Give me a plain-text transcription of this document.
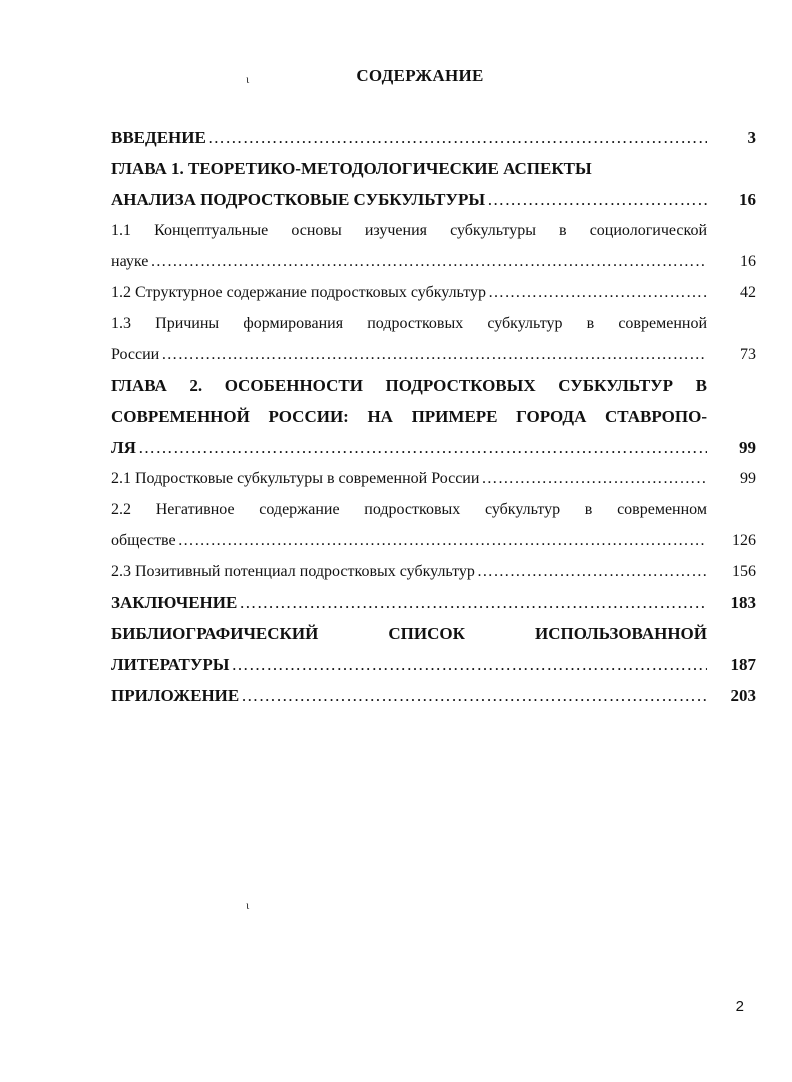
СОДЕРЖАНИЕ
ι
ι
ВВЕДЕНИЕ …………………………………………………………………………………………………………………………………………………………………………………………	3
ГЛАВА 1. ТЕОРЕТИКО-МЕТОДОЛОГИЧЕСКИЕ АСПЕКТЫ
АНАЛИЗА ПОДРОСТКОВЫЕ СУБКУЛЬТУРЫ …………………………………………………………………………………………………………………………………………………………………………………………	16
1.1 Концептуальные основы изучения субкультуры в социологической
науке …………………………………………………………………………………………………………………………………………………………………………………………	16
1.2 Структурное содержание подростковых субкультур …………………………………………………………………………………………………………………………………………………………………………………………	42
1.3 Причины формирования подростковых субкультур в современной
России …………………………………………………………………………………………………………………………………………………………………………………………	73
ГЛАВА 2. ОСОБЕННОСТИ ПОДРОСТКОВЫХ СУБКУЛЬТУР В
СОВРЕМЕННОЙ РОССИИ: НА ПРИМЕРЕ ГОРОДА СТАВРОПО-
ЛЯ …………………………………………………………………………………………………………………………………………………………………………………………	99
2.1 Подростковые субкультуры в современной России …………………………………………………………………………………………………………………………………………………………………………………………	99
2.2 Негативное содержание подростковых субкультур в современном
обществе …………………………………………………………………………………………………………………………………………………………………………………………	126
2.3 Позитивный потенциал подростковых субкультур …………………………………………………………………………………………………………………………………………………………………………………………	156
ЗАКЛЮЧЕНИЕ …………………………………………………………………………………………………………………………………………………………………………………………	183
БИБЛИОГРАФИЧЕСКИЙ СПИСОК ИСПОЛЬЗОВАННОЙ
ЛИТЕРАТУРЫ …………………………………………………………………………………………………………………………………………………………………………………………	187
ПРИЛОЖЕНИЕ …………………………………………………………………………………………………………………………………………………………………………………………	203
2
